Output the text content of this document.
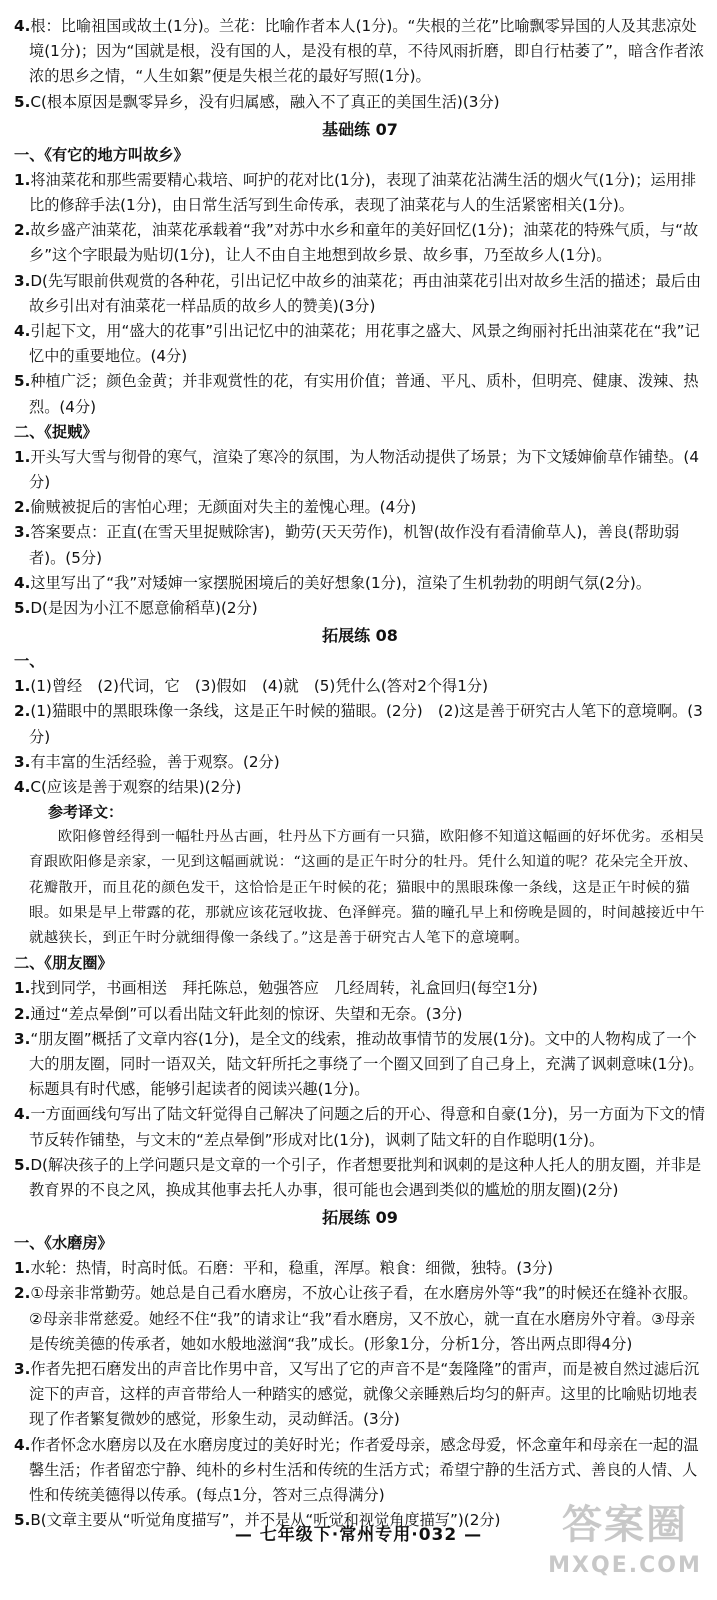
4.根：比喻祖国或故土(1分)。兰花：比喻作者本人(1分)。“失根的兰花”比喻飘零异国的人及其悲凉处境(1分)；因为“国就是根，没有国的人，是没有根的草，不待风雨折磨，即自行枯萎了”，暗含作者浓浓的思乡之情，“人生如絮”便是失根兰花的最好写照(1分)。

5.C(根本原因是飘零异乡，没有归属感，融入不了真正的美国生活)(3分)

基础练 07
一、《有它的地方叫故乡》

1.将油菜花和那些需要精心栽培、呵护的花对比(1分)，表现了油菜花沾满生活的烟火气(1分)；运用排比的修辞手法(1分)，由日常生活写到生命传承，表现了油菜花与人的生活紧密相关(1分)。

2.故乡盛产油菜花，油菜花承载着“我”对苏中水乡和童年的美好回忆(1分)；油菜花的特殊气质，与“故乡”这个字眼最为贴切(1分)，让人不由自主地想到故乡景、故乡事，乃至故乡人(1分)。

3.D(先写眼前供观赏的各种花，引出记忆中故乡的油菜花；再由油菜花引出对故乡生活的描述；最后由故乡引出对有油菜花一样品质的故乡人的赞美)(3分)

4.引起下文，用“盛大的花事”引出记忆中的油菜花；用花事之盛大、风景之绚丽衬托出油菜花在“我”记忆中的重要地位。(4分)

5.种植广泛；颜色金黄；并非观赏性的花，有实用价值；普通、平凡、质朴，但明亮、健康、泼辣、热烈。(4分)

二、《捉贼》

1.开头写大雪与彻骨的寒气，渲染了寒冷的氛围，为人物活动提供了场景；为下文矮婶偷草作铺垫。(4分)

2.偷贼被捉后的害怕心理；无颜面对失主的羞愧心理。(4分)

3.答案要点：正直(在雪天里捉贼除害)，勤劳(天天劳作)，机智(故作没有看清偷草人)，善良(帮助弱者)。(5分)

4.这里写出了“我”对矮婶一家摆脱困境后的美好想象(1分)，渲染了生机勃勃的明朗气氛(2分)。

5.D(是因为小江不愿意偷稻草)(2分)

拓展练 08
一、

1.(1)曾经　(2)代词，它　(3)假如　(4)就　(5)凭什么(答对2个得1分)

2.(1)猫眼中的黑眼珠像一条线，这是正午时候的猫眼。(2分)　(2)这是善于研究古人笔下的意境啊。(3分)

3.有丰富的生活经验，善于观察。(2分)

4.C(应该是善于观察的结果)(2分)

参考译文：

欧阳修曾经得到一幅牡丹丛古画，牡丹丛下方画有一只猫，欧阳修不知道这幅画的好坏优劣。丞相吴育跟欧阳修是亲家，一见到这幅画就说：“这画的是正午时分的牡丹。凭什么知道的呢？花朵完全开放、花瓣散开，而且花的颜色发干，这恰恰是正午时候的花；猫眼中的黑眼珠像一条线，这是正午时候的猫眼。如果是早上带露的花，那就应该花冠收拢、色泽鲜亮。猫的瞳孔早上和傍晚是圆的，时间越接近中午就越狭长，到正午时分就细得像一条线了。”这是善于研究古人笔下的意境啊。

二、《朋友圈》

1.找到同学，书画相送　拜托陈总，勉强答应　几经周转，礼盒回归(每空1分)

2.通过“差点晕倒”可以看出陆文轩此刻的惊讶、失望和无奈。(3分)

3.“朋友圈”概括了文章内容(1分)，是全文的线索，推动故事情节的发展(1分)。文中的人物构成了一个大的朋友圈，同时一语双关，陆文轩所托之事绕了一个圈又回到了自己身上，充满了讽刺意味(1分)。标题具有时代感，能够引起读者的阅读兴趣(1分)。

4.一方面画线句写出了陆文轩觉得自己解决了问题之后的开心、得意和自豪(1分)，另一方面为下文的情节反转作铺垫，与文末的“差点晕倒”形成对比(1分)，讽刺了陆文轩的自作聪明(1分)。

5.D(解决孩子的上学问题只是文章的一个引子，作者想要批判和讽刺的是这种人托人的朋友圈，并非是教育界的不良之风，换成其他事去托人办事，很可能也会遇到类似的尴尬的朋友圈)(2分)

拓展练 09
一、《水磨房》

1.水轮：热情，时高时低。石磨：平和，稳重，浑厚。粮食：细微，独特。(3分)

2.①母亲非常勤劳。她总是自己看水磨房，不放心让孩子看，在水磨房外等“我”的时候还在缝补衣服。②母亲非常慈爱。她经不住“我”的请求让“我”看水磨房，又不放心，就一直在水磨房外守着。③母亲是传统美德的传承者，她如水般地滋润“我”成长。(形象1分，分析1分，答出两点即得4分)

3.作者先把石磨发出的声音比作男中音，又写出了它的声音不是“轰隆隆”的雷声，而是被自然过滤后沉淀下的声音，这样的声音带给人一种踏实的感觉，就像父亲睡熟后均匀的鼾声。这里的比喻贴切地表现了作者繁复微妙的感觉，形象生动，灵动鲜活。(3分)

4.作者怀念水磨房以及在水磨房度过的美好时光；作者爱母亲，感念母爱，怀念童年和母亲在一起的温馨生活；作者留恋宁静、纯朴的乡村生活和传统的生活方式；希望宁静的生活方式、善良的人情、人性和传统美德得以传承。(每点1分，答对三点得满分)

5.B(文章主要从“听觉角度描写”，并不是从“听觉和视觉角度描写”)(2分)

— 七年级下·常州专用·032 —	答案圈
MXQE.COM
